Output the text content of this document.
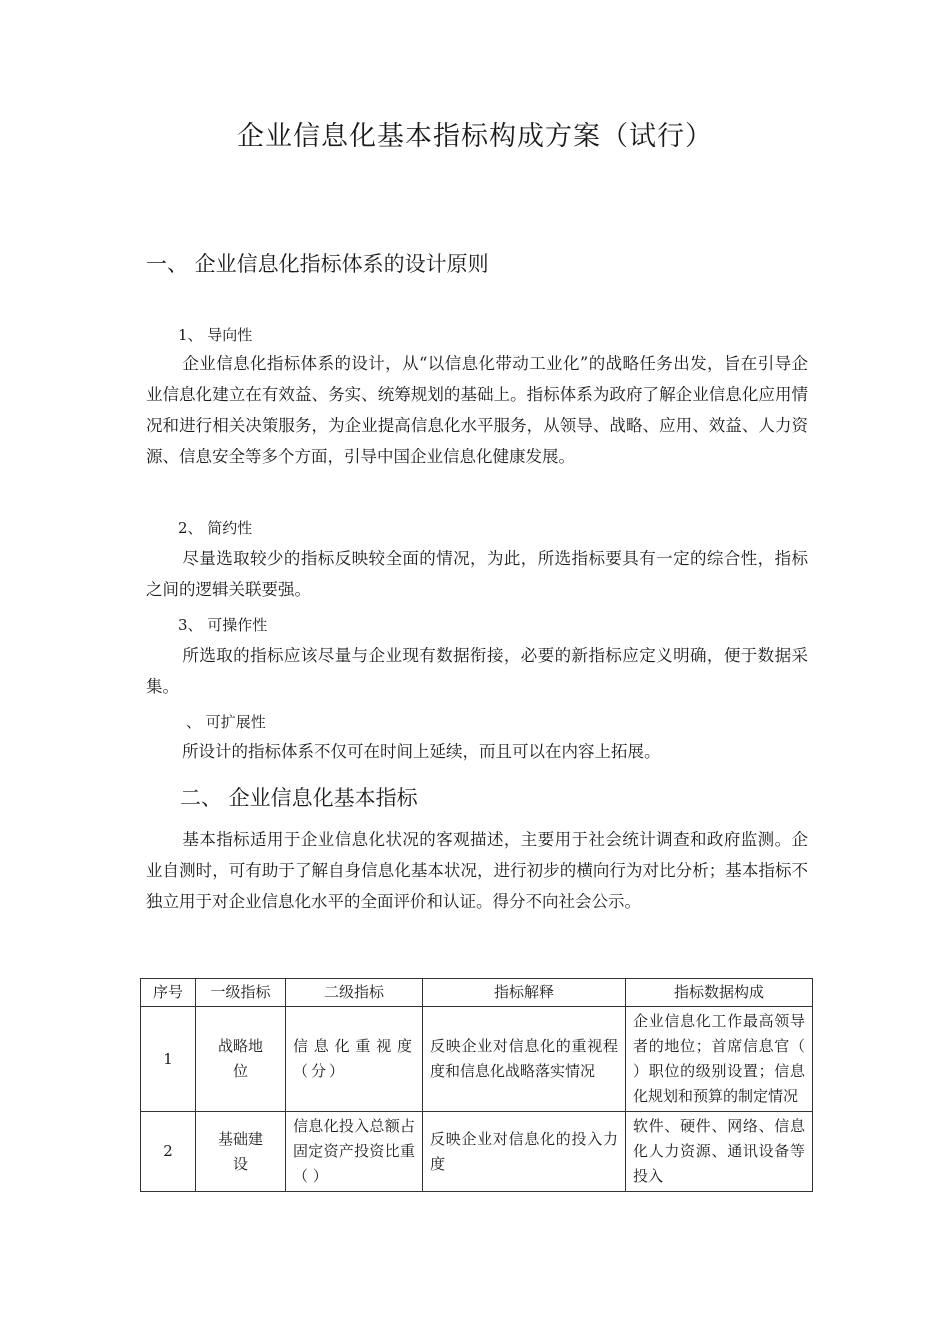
企业信息化基本指标构成方案（试行）
一、 企业信息化指标体系的设计原则
1、 导向性
企业信息化指标体系的设计，从“以信息化带动工业化”的战略任务出发，旨在引导企业信息化建立在有效益、务实、统筹规划的基础上。指标体系为政府了解企业信息化应用情况和进行相关决策服务，为企业提高信息化水平服务，从领导、战略、应用、效益、人力资源、信息安全等多个方面，引导中国企业信息化健康发展。
2、 简约性
尽量选取较少的指标反映较全面的情况，为此，所选指标要具有一定的综合性，指标之间的逻辑关联要强。
3、 可操作性
所选取的指标应该尽量与企业现有数据衔接，必要的新指标应定义明确，便于数据采集。
、 可扩展性
所设计的指标体系不仅可在时间上延续，而且可以在内容上拓展。
二、 企业信息化基本指标
基本指标适用于企业信息化状况的客观描述，主要用于社会统计调查和政府监测。企业自测时，可有助于了解自身信息化基本状况，进行初步的横向行为对比分析；基本指标不独立用于对企业信息化水平的全面评价和认证。得分不向社会公示。
序号	一级指标	二级指标	指标解释	指标数据构成
1	战略地位	信息化重视度（分）	反映企业对信息化的重视程度和信息化战略落实情况	企业信息化工作最高领导者的地位；首席信息官（ ）职位的级别设置；信息化规划和预算的制定情况
2	基础建设	信息化投入总额占固定资产投资比重（ ）	反映企业对信息化的投入力度	软件、硬件、网络、信息化人力资源、通讯设备等投入
